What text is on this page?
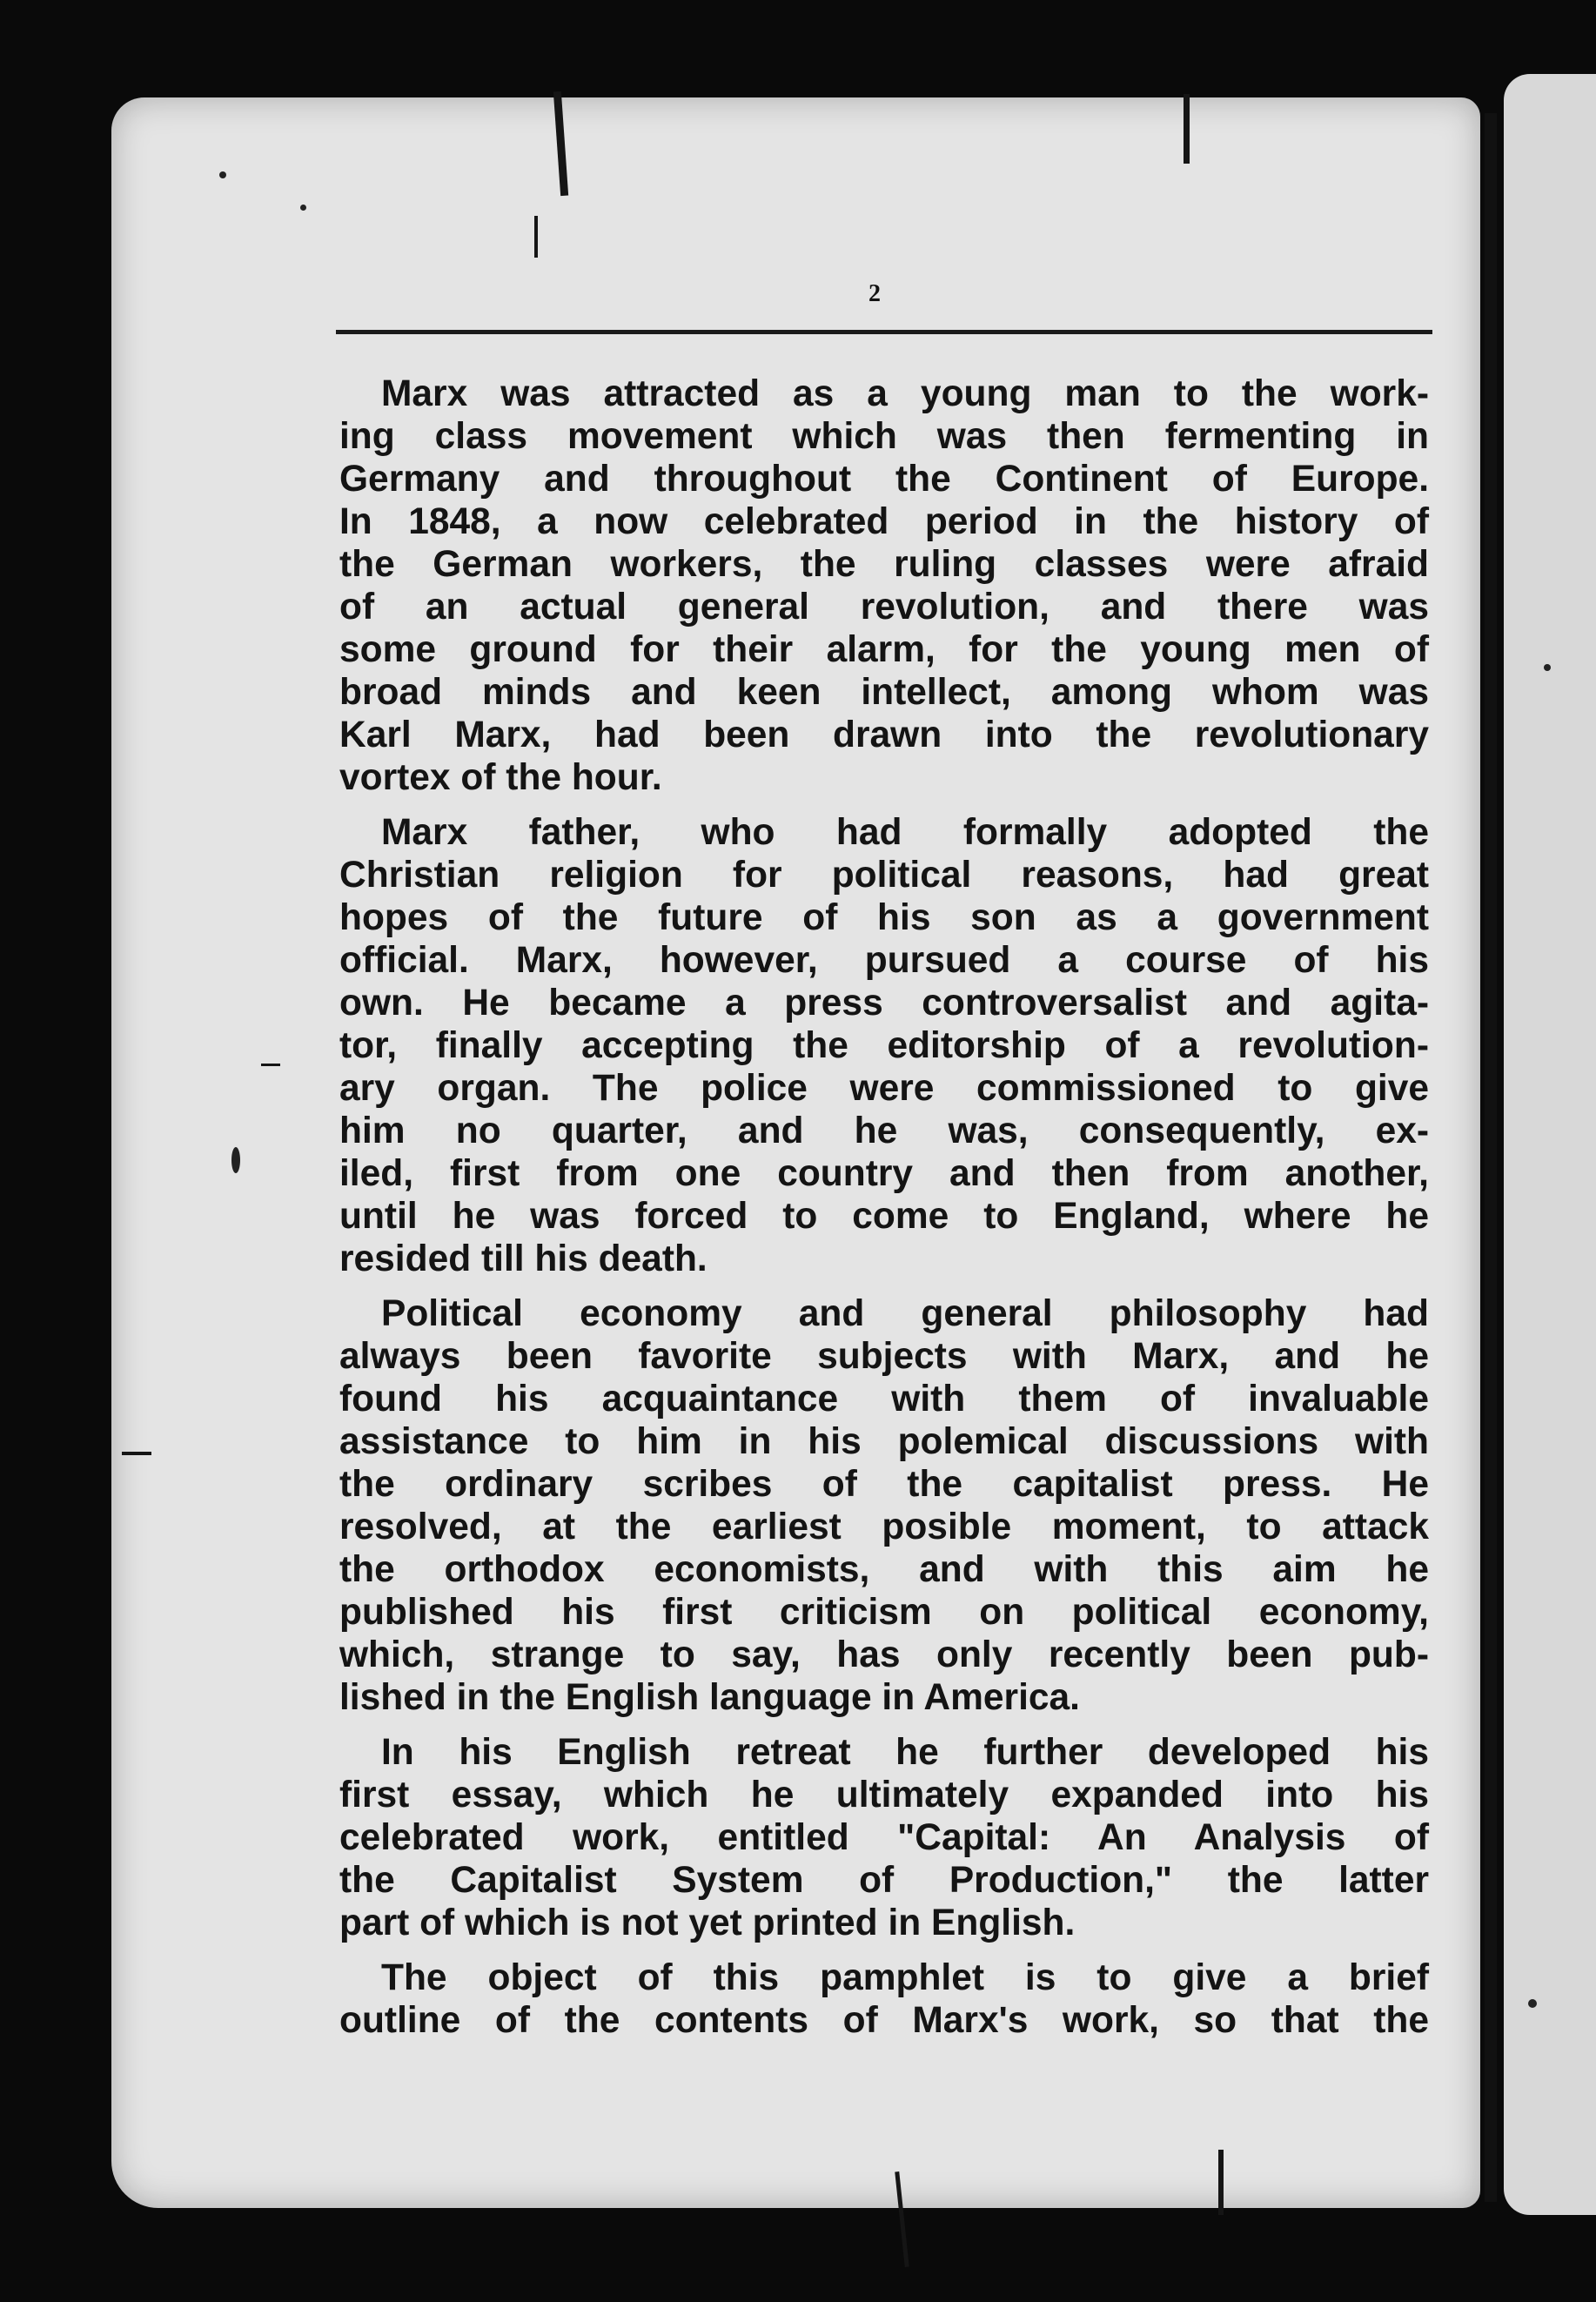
2
Marx was attracted as a young man to the work-
ing class movement which was then fermenting in
Germany and throughout the Continent of Europe.
In 1848, a now celebrated period in the history of
the German workers, the ruling classes were afraid
of an actual general revolution, and there was
some ground for their alarm, for the young men of
broad minds and keen intellect, among whom was
Karl Marx, had been drawn into the revolutionary
vortex of the hour.
Marx father, who had formally adopted the
Christian religion for political reasons, had great
hopes of the future of his son as a government
official. Marx, however, pursued a course of his
own. He became a press controversalist and agita-
tor, finally accepting the editorship of a revolution-
ary organ. The police were commissioned to give
him no quarter, and he was, consequently, ex-
iled, first from one country and then from another,
until he was forced to come to England, where he
resided till his death.
Political economy and general philosophy had
always been favorite subjects with Marx, and he
found his acquaintance with them of invaluable
assistance to him in his polemical discussions with
the ordinary scribes of the capitalist press. He
resolved, at the earliest posible moment, to attack
the orthodox economists, and with this aim he
published his first criticism on political economy,
which, strange to say, has only recently been pub-
lished in the English language in America.
In his English retreat he further developed his
first essay, which he ultimately expanded into his
celebrated work, entitled "Capital: An Analysis of
the Capitalist System of Production," the latter
part of which is not yet printed in English.
The object of this pamphlet is to give a brief
outline of the contents of Marx's work, so that the
